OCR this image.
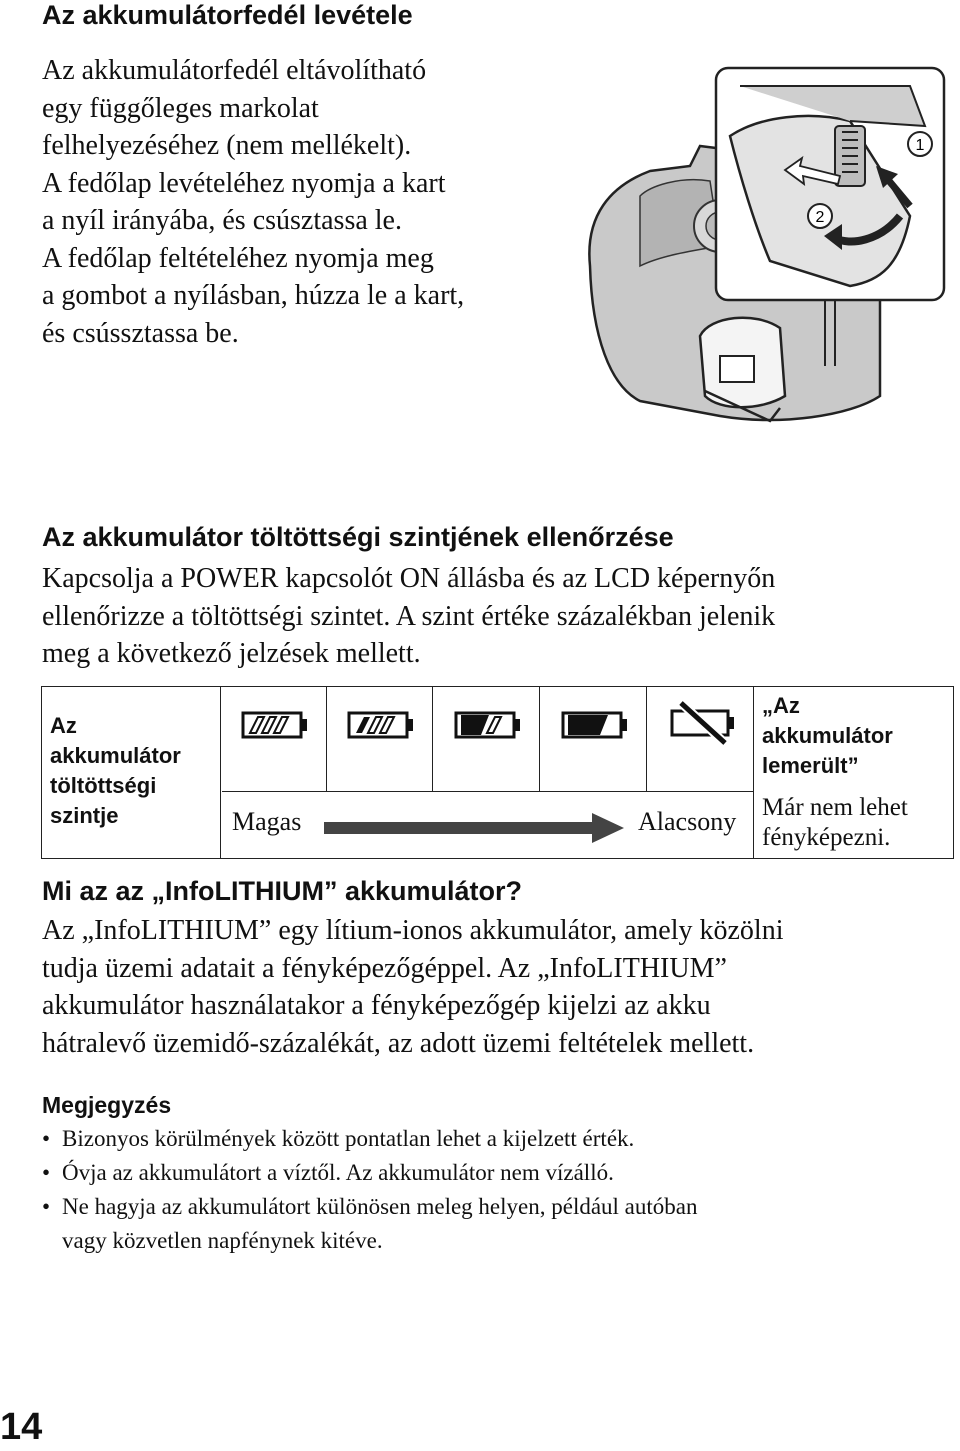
Az akkumulátorfedél levétele
Az akkumulátorfedél eltávolítható
egy függőleges markolat
felhelyezéséhez (nem mellékelt).
A fedőlap levételéhez nyomja a kart
a nyíl irányába, és csúsztassa le.
A fedőlap feltételéhez nyomja meg
a gombot a nyílásban, húzza le a kart,
és csússztassa be.
1
2
Az akkumulátor töltöttségi szintjének ellenőrzése
Kapcsolja a POWER kapcsolót ON állásba és az LCD képernyőn
ellenőrizze a töltöttségi szintet. A szint értéke százalékban jelenik
meg a következő jelzések mellett.
Az
akkumulátor
töltöttségi
szintje	Magas	Alacsony
„Az
akkumulátor
lemerült”
Már nem lehet
fényképezni.
Mi az az „InfoLITHIUM” akkumulátor?
Az „InfoLITHIUM” egy lítium-ionos akkumulátor, amely közölni
tudja üzemi adatait a fényképezőgéppel. Az „InfoLITHIUM”
akkumulátor használatakor a fényképezőgép kijelzi az akku
hátralevő üzemidő-százalékát, az adott üzemi feltételek mellett.
Megjegyzés
• Bizonyos körülmények között pontatlan lehet a kijelzett érték.
• Óvja az akkumulátort a víztől. Az akkumulátor nem vízálló.
• Ne hagyja az akkumulátort különösen meleg helyen, például autóban
vagy közvetlen napfénynek kitéve.
14
